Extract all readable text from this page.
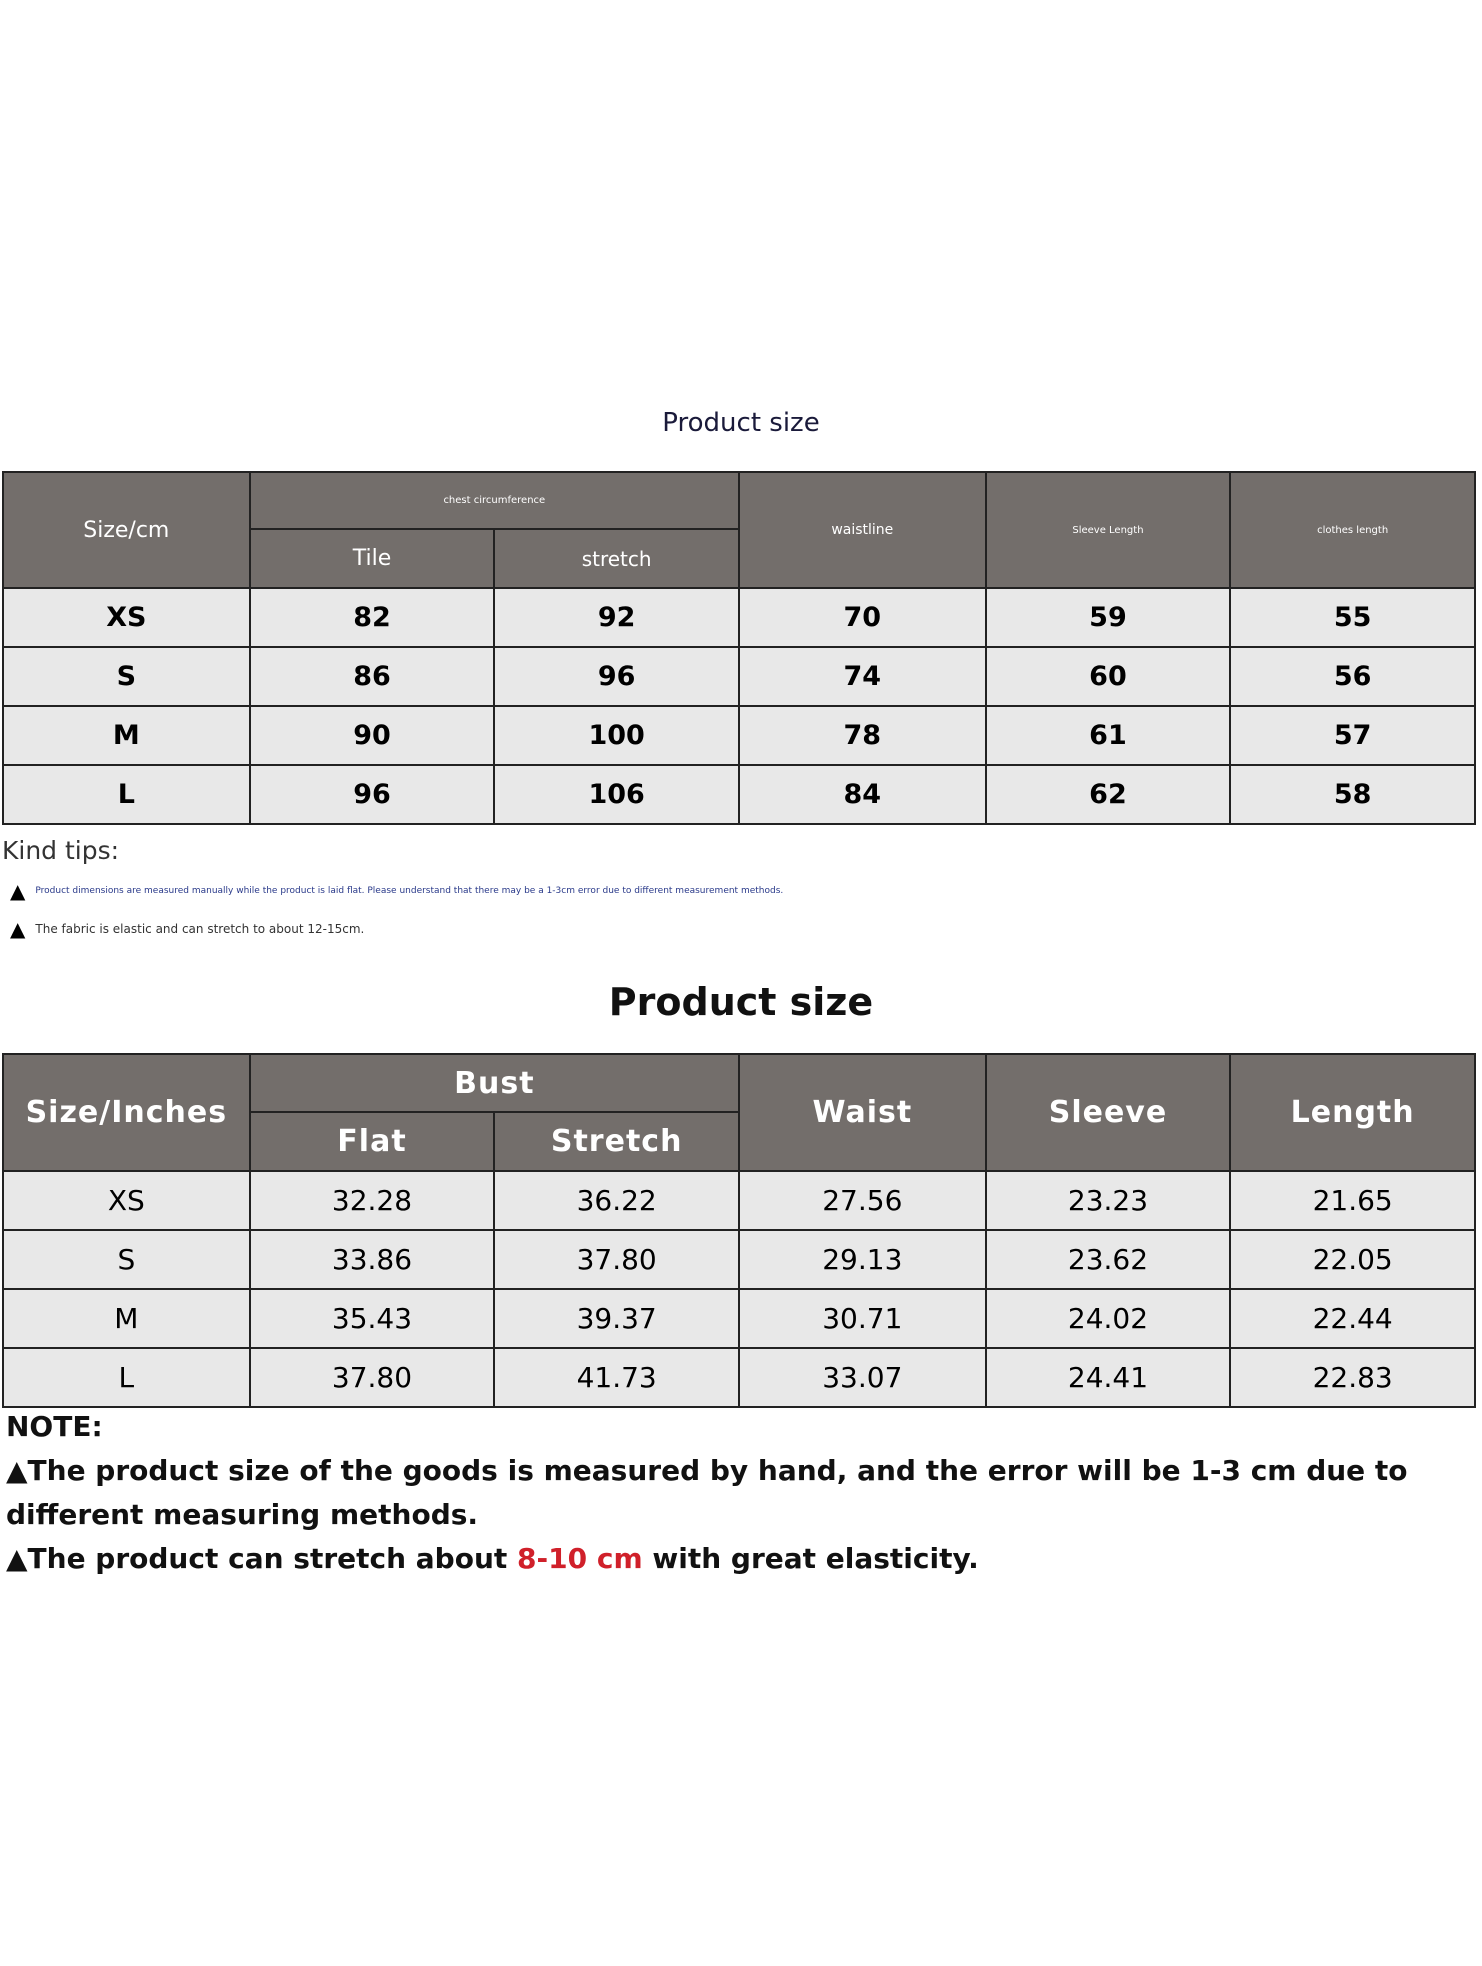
Product size
Size/cm	chest circumference		waistline	Sleeve Length	clothes length
	Tile	stretch			
XS	82	92	70	59	55
S	86	96	74	60	56
M	90	100	78	61	57
L	96	106	84	62	58
Kind tips:
▲ Product dimensions are measured manually while the product is laid flat. Please understand that there may be a 1-3cm error due to different measurement methods.
▲ The fabric is elastic and can stretch to about 12-15cm.
Product size
Size/Inches	Bust		Waist	Sleeve	Length
	Flat	Stretch			
XS	32.28	36.22	27.56	23.23	21.65
S	33.86	37.80	29.13	23.62	22.05
M	35.43	39.37	30.71	24.02	22.44
L	37.80	41.73	33.07	24.41	22.83
NOTE:
▲The product size of the goods is measured by hand, and the error will be 1-3 cm due to different measuring methods.
▲The product can stretch about 8-10 cm with great elasticity.
